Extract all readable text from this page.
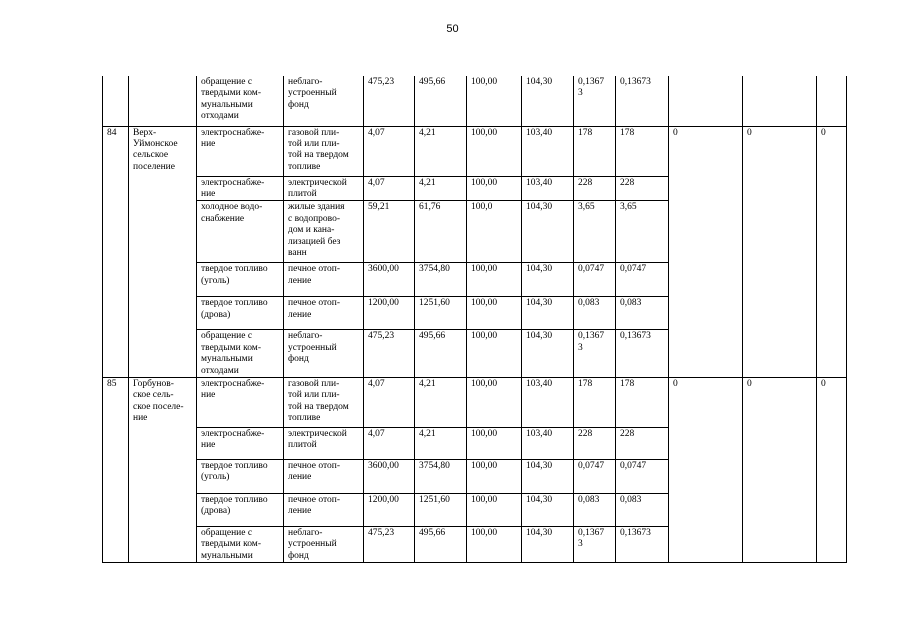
50
		обращение с
твердыми ком-
мунальными
отходами	неблаго-
устроенный
фонд	475,23	495,66	100,00	104,30	0,1367
3	0,13673			
84	Верх-
Уймонское
сельское
поселение	электроснабже-
ние	газовой пли-
той или пли-
той на твердом
топливе	4,07	4,21	100,00	103,40	178	178	0	0	0
		электроснабже-
ние	электрической
плитой	4,07	4,21	100,00	103,40	228	228			
		холодное водо-
снабжение	жилые здания
с водопрово-
дом и кана-
лизацией без
ванн	59,21	61,76	100,0	104,30	3,65	3,65			
		твердое топливо
(уголь)	печное отоп-
ление	3600,00	3754,80	100,00	104,30	0,0747	0,0747			
		твердое топливо
(дрова)	печное отоп-
ление	1200,00	1251,60	100,00	104,30	0,083	0,083			
		обращение с
твердыми ком-
мунальными
отходами	неблаго-
устроенный
фонд	475,23	495,66	100,00	104,30	0,1367
3	0,13673			
85	Горбунов-
ское сель-
ское поселе-
ние	электроснабже-
ние	газовой пли-
той или пли-
той на твердом
топливе	4,07	4,21	100,00	103,40	178	178	0	0	0
		электроснабже-
ние	электрической
плитой	4,07	4,21	100,00	103,40	228	228			
		твердое топливо
(уголь)	печное отоп-
ление	3600,00	3754,80	100,00	104,30	0,0747	0,0747			
		твердое топливо
(дрова)	печное отоп-
ление	1200,00	1251,60	100,00	104,30	0,083	0,083			
		обращение с
твердыми ком-
мунальными	неблаго-
устроенный
фонд	475,23	495,66	100,00	104,30	0,1367
3	0,13673			
